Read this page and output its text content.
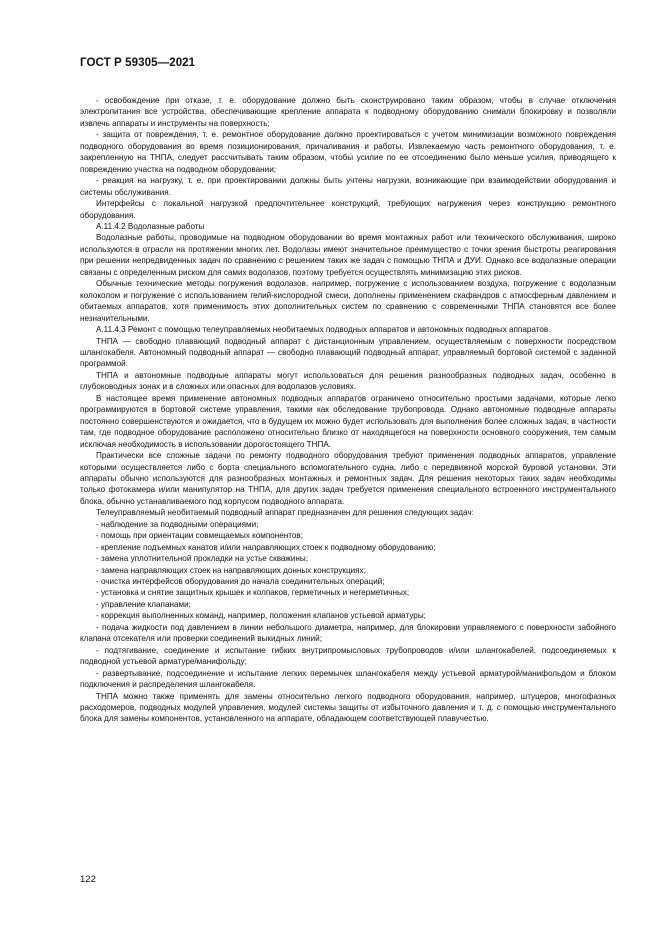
ГОСТ Р 59305—2021

- освобождение при отказе, т. е. оборудование должно быть сконструировано таким образом, чтобы в случае отключения электропитания все устройства, обеспечивающие крепление аппарата к подводному оборудованию снимали блокировку и позволяли извлечь аппараты и инструменты на поверхность;

- защита от повреждения, т. е. ремонтное оборудование должно проектироваться с учетом минимизации возможного повреждения подводного оборудования во время позиционирования, причаливания и работы. Извлекаемую часть ремонтного оборудования, т. е. закрепленную на ТНПА, следует рассчитывать таким образом, чтобы усилие по ее отсоединению было меньше усилия, приводящего к повреждению участка на подводном оборудовании;

- реакция на нагрузку, т. е. при проектировании должны быть учтены нагрузки, возникающие при взаимодействии оборудования и системы обслуживания.

Интерфейсы с локальной нагрузкой предпочтительнее конструкций, требующих нагружения через конструкцию ремонтного оборудования.

А.11.4.2 Водолазные работы

Водолазные работы, проводимые на подводном оборудовании во время монтажных работ или технического обслуживания, широко используются в отрасли на протяжении многих лет. Водолазы имеют значительное преимущество с точки зрения быстроты реагирования при решении непредвиденных задач по сравнению с решением таких же задач с помощью ТНПА и ДУИ. Однако все водолазные операции связаны с определенным риском для самих водолазов, поэтому требуется осуществлять минимизацию этих рисков.

Обычные технические методы погружения водолазов, например, погружение с использованием воздуха, погружение с водолазным колоколом и погружение с использованием гелий-кислородной смеси, дополнены применением скафандров с атмосферным давлением и обитаемых аппаратов, хотя применимость этих дополнительных систем по сравнению с современными ТНПА становятся все более незначительными.

А.11.4.3 Ремонт с помощью телеуправляемых необитаемых подводных аппаратов и автономных подводных аппаратов.

ТНПА — свободно плавающий подводный аппарат с дистанционным управлением, осуществляемым с поверхности посредством шлангокабеля. Автономный подводный аппарат — свободно плавающий подводный аппарат, управляемый бортовой системой с заданной программой.

ТНПА и автономные подводные аппараты могут использоваться для решения разнообразных подводных задач, особенно в глубоководных зонах и в сложных или опасных для водолазов условиях.

В настоящее время применение автономных подводных аппаратов ограничено относительно простыми задачами, которые легко программируются в бортовой системе управления, такими как обследование трубопровода. Однако автономные подводные аппараты постоянно совершенствуются и ожидается, что в будущем их можно будет использовать для выполнения более сложных задач, в частности там, где подводное оборудование расположено относительно близко от находящегося на поверхности основного сооружения, тем самым исключая необходимость в использовании дорогостоящего ТНПА.

Практически все сложные задачи по ремонту подводного оборудования требуют применения подводных аппаратов, управление которыми осуществляется либо с борта специального вспомогательного судна, либо с передвижной морской буровой установки. Эти аппараты обычно используются для разнообразных монтажных и ремонтных задач. Для решения некоторых таких задач необходимы только фотокамера и/или манипулятор на ТНПА, для других задач требуется применения специального встроенного инструментального блока, обычно устанавливаемого под корпусом подводного аппарата.

Телеуправляемый необитаемый подводный аппарат предназначен для решения следующих задач:

- наблюдение за подводными операциями;

- помощь при ориентации совмещаемых компонентов;

- крепление подъемных канатов и/или направляющих стоек к подводному оборудованию;

- замена уплотнительной прокладки на устье скважины;

- замена направляющих стоек на направляющих донных конструкциях;

- очистка интерфейсов оборудования до начала соединительных операций;

- установка и снятие защитных крышек и колпаков, герметичных и негерметичных;

- управление клапанами;

- коррекция выполненных команд, например, положения клапанов устьевой арматуры;

- подача жидкости под давлением в линии небольшого диаметра, например, для блокировки управляемого с поверхности забойного клапана отсекателя или проверки соединений выкидных линий;

- подтягивание, соединение и испытание гибких внутрипромысловых трубопроводов и/или шлангокабелей, подсоединяемых к подводной устьевой арматуре/манифольду;

- развертывание, подсоединение и испытание легких перемычек шлангокабеля между устьевой арматурой/манифольдом и блоком подключения и распределения шлангокабеля.

ТНПА можно также применять для замены относительно легкого подводного оборудования, например, штуцеров, многофазных расходомеров, подводных модулей управления, модулей системы защиты от избыточного давления и т. д. с помощью инструментального блока для замены компонентов, установленного на аппарате, обладающем соответствующей плавучестью.

122
